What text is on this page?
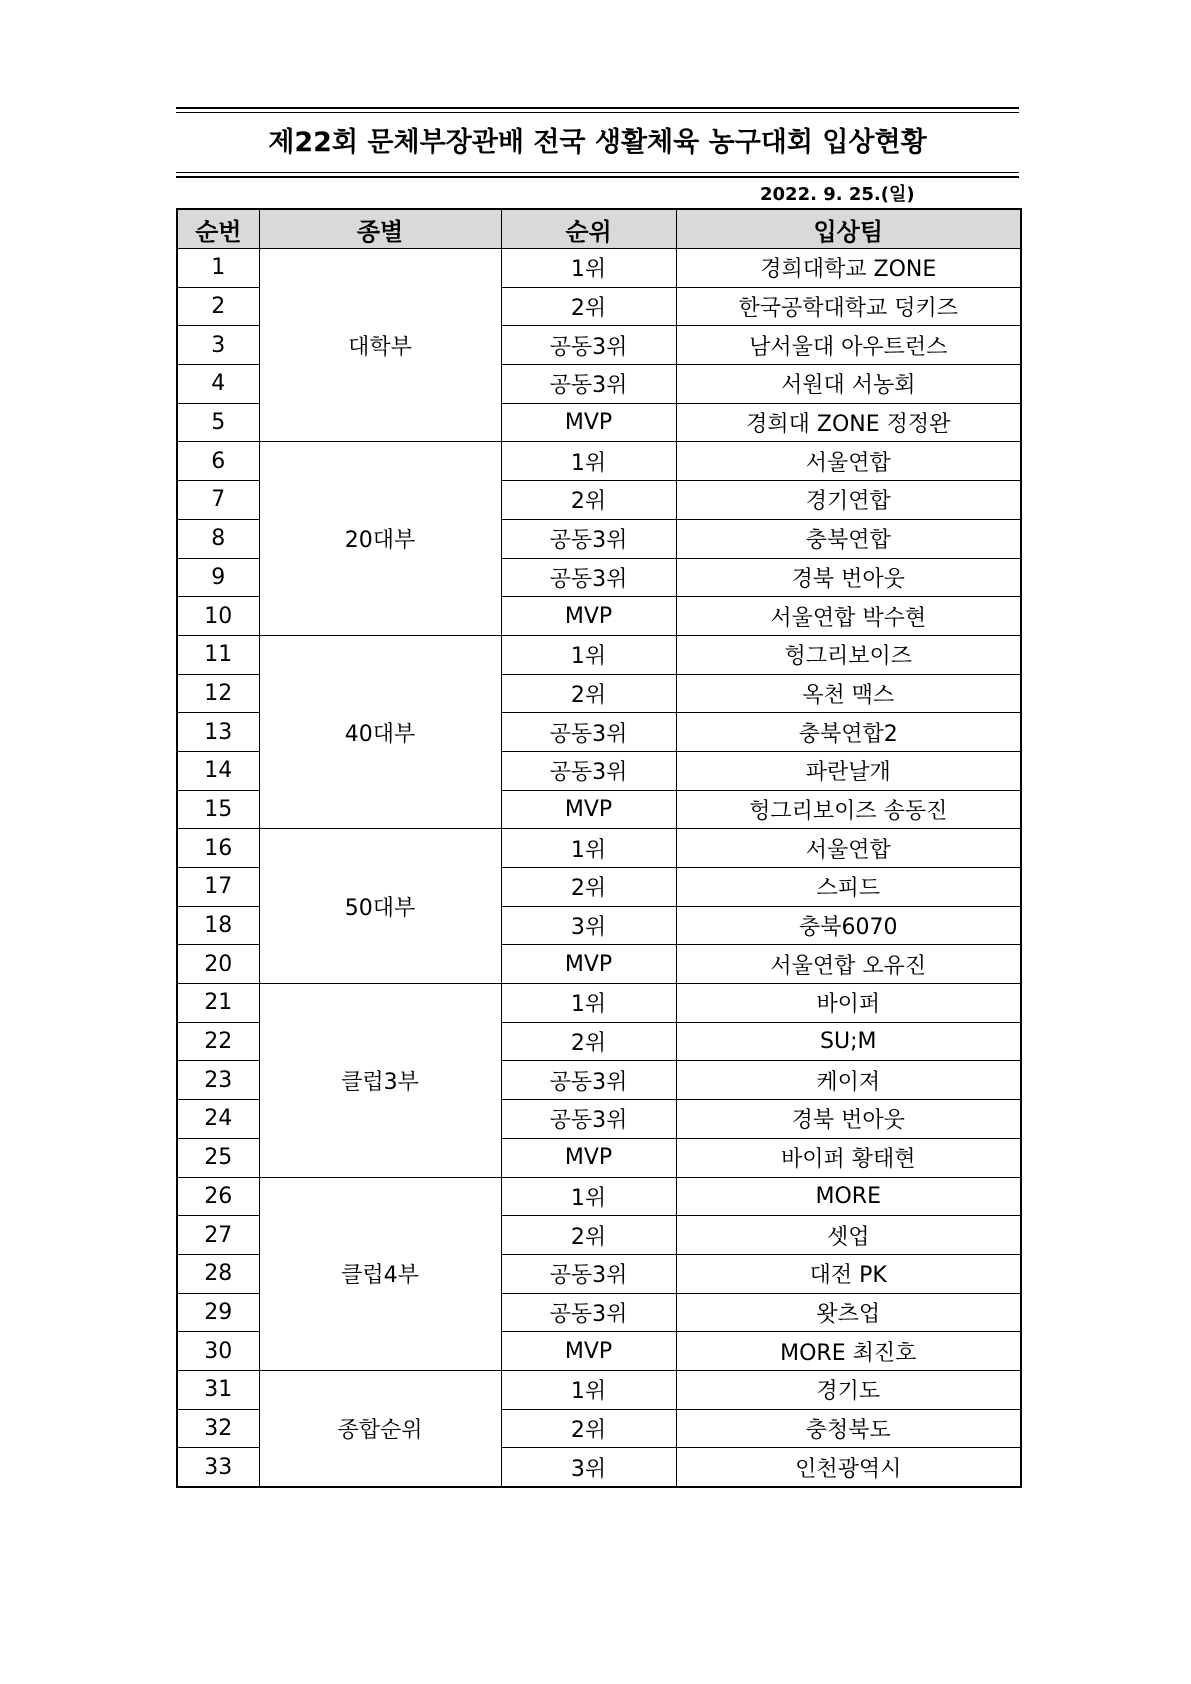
제22회 문체부장관배 전국 생활체육 농구대회 입상현황
2022. 9. 25.(일)
순번	종별	순위	입상팀
1	대학부	1위	경희대학교 ZONE
2		2위	한국공학대학교 덩키즈
3		공동3위	남서울대 아우트런스
4		공동3위	서원대 서농회
5		MVP	경희대 ZONE 정정완
6	20대부	1위	서울연합
7		2위	경기연합
8		공동3위	충북연합
9		공동3위	경북 번아웃
10		MVP	서울연합 박수현
11	40대부	1위	헝그리보이즈
12		2위	옥천 맥스
13		공동3위	충북연합2
14		공동3위	파란날개
15		MVP	헝그리보이즈 송동진
16	50대부	1위	서울연합
17		2위	스피드
18		3위	충북6070
20		MVP	서울연합 오유진
21	클럽3부	1위	바이퍼
22		2위	SU;M
23		공동3위	케이져
24		공동3위	경북 번아웃
25		MVP	바이퍼 황태현
26	클럽4부	1위	MORE
27		2위	셋업
28		공동3위	대전 PK
29		공동3위	왓츠업
30		MVP	MORE 최진호
31	종합순위	1위	경기도
32		2위	충청북도
33		3위	인천광역시
